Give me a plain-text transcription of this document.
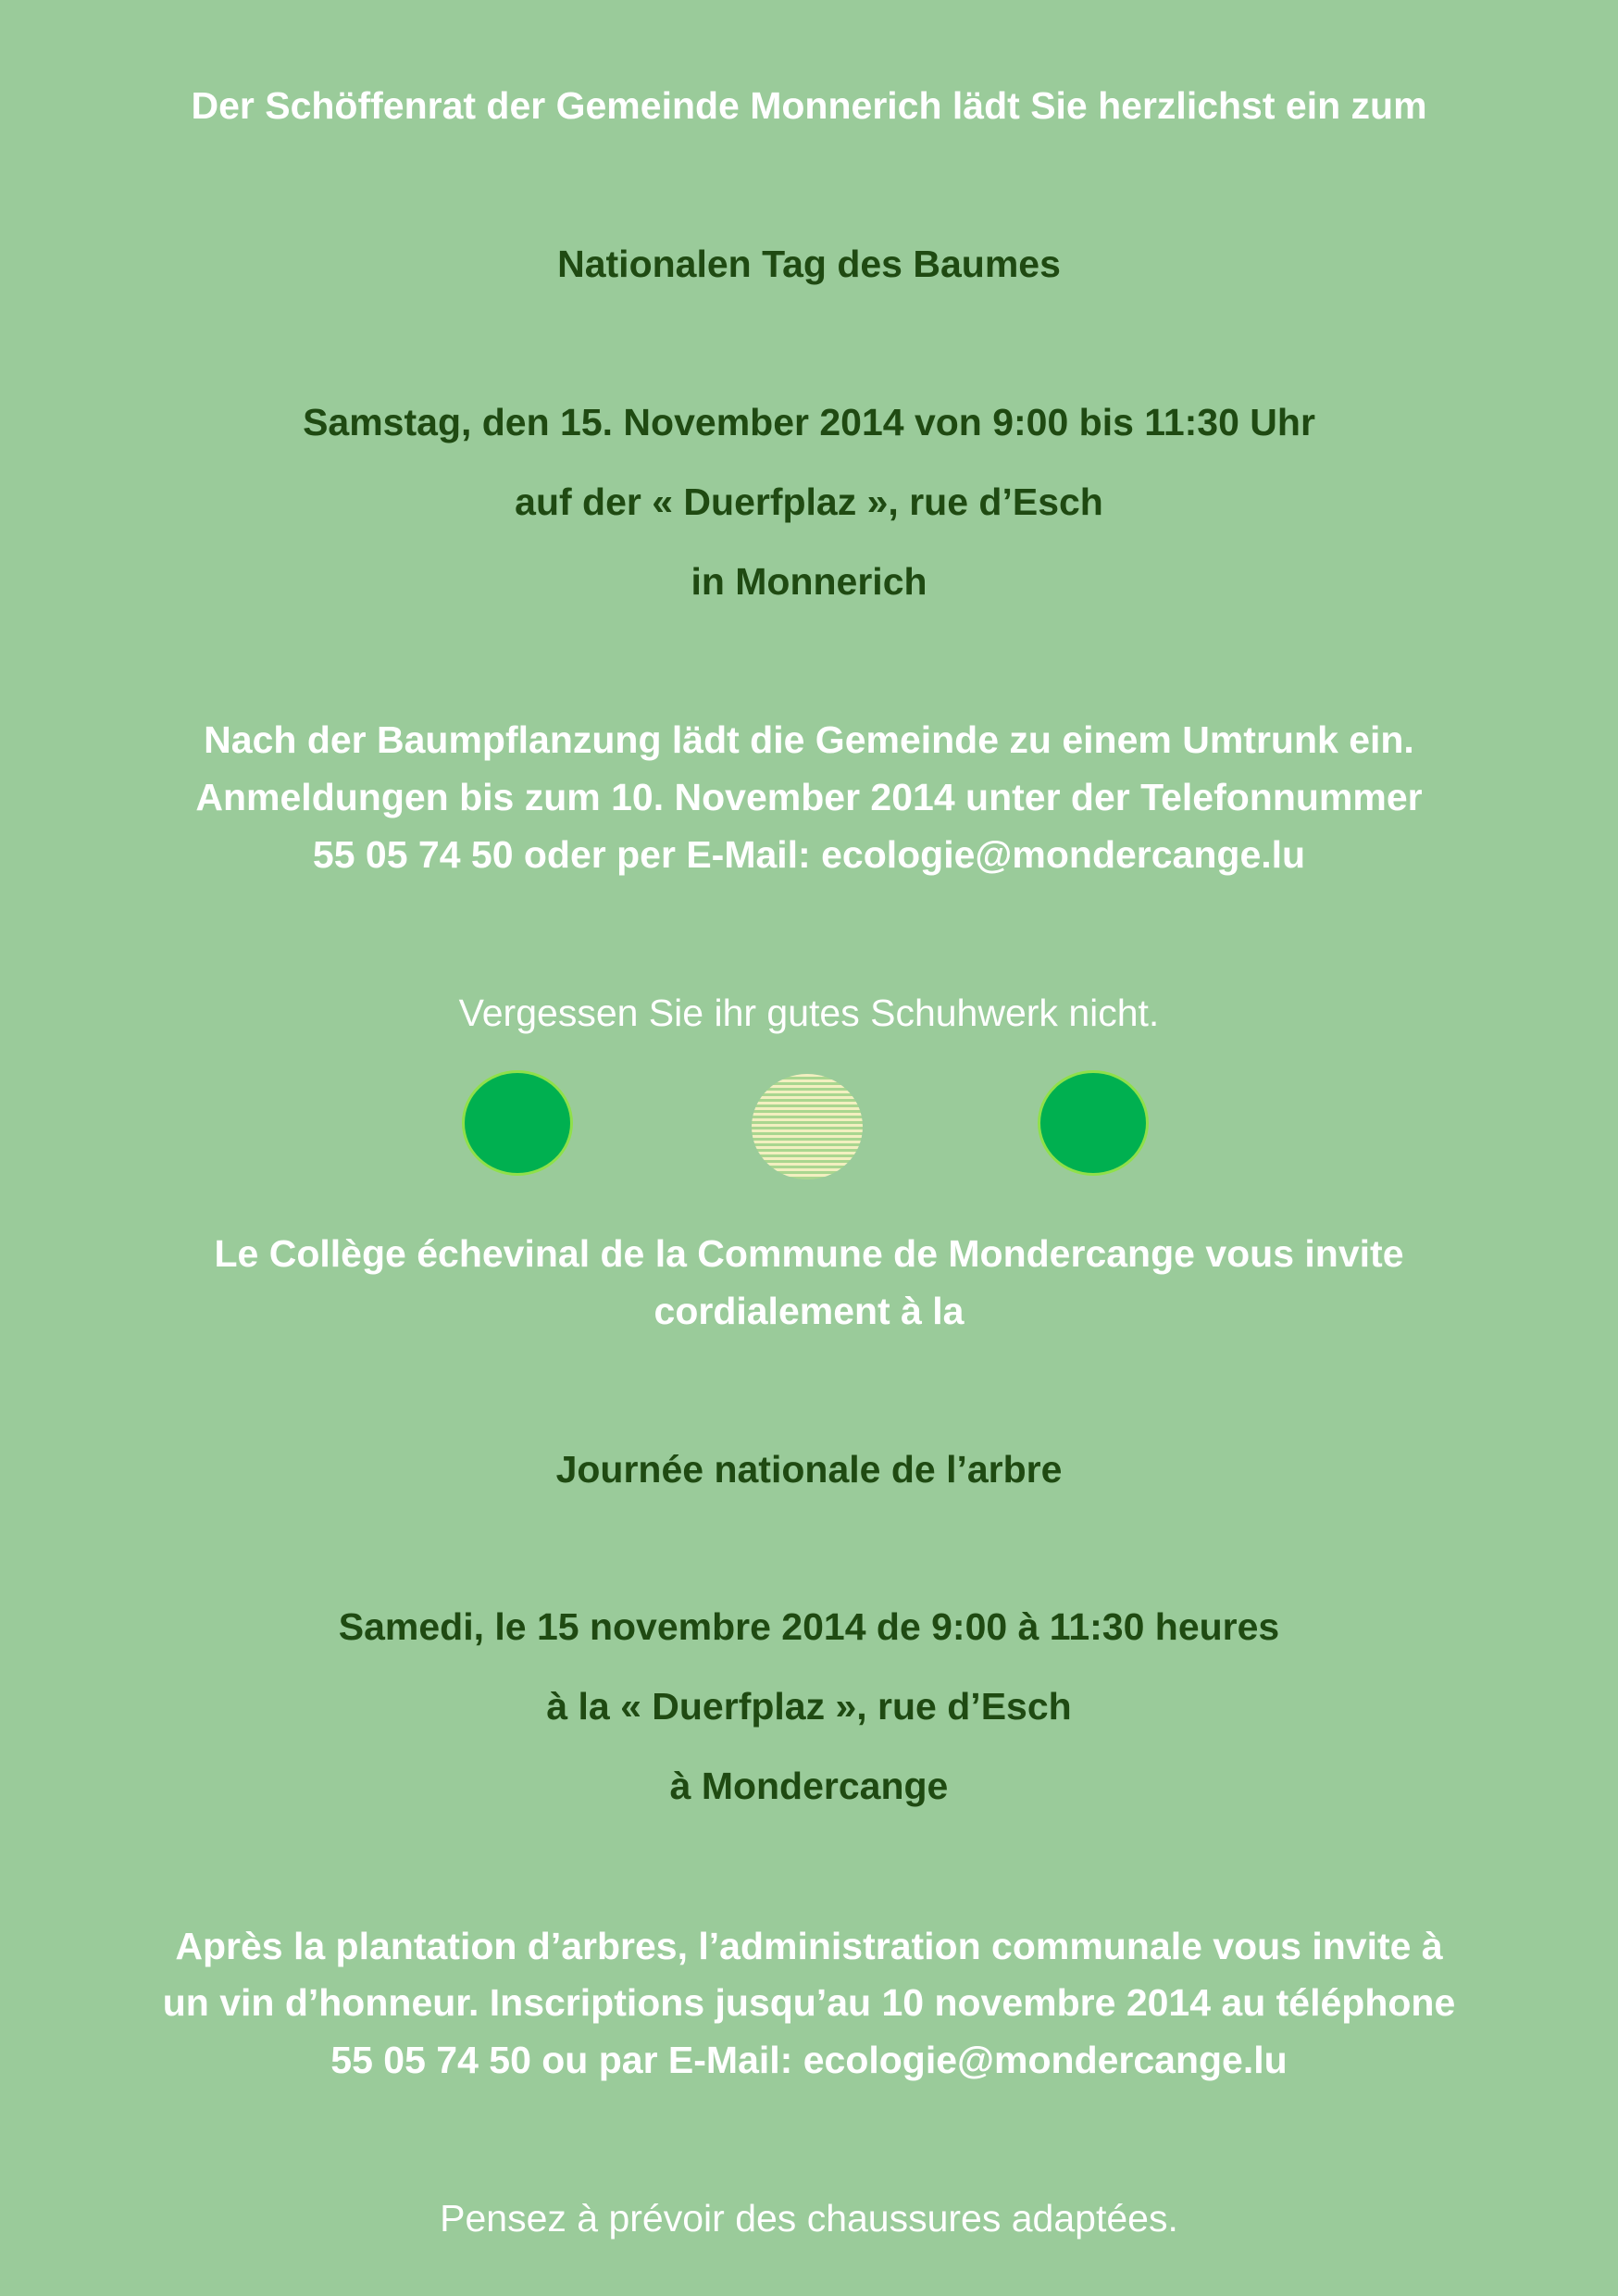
Der Schöffenrat der Gemeinde Monnerich lädt Sie herzlichst ein zum
Nationalen Tag des Baumes
Samstag, den 15. November 2014 von 9:00 bis 11:30 Uhr
auf der « Duerfplaz », rue d’Esch
in Monnerich
Nach der Baumpflanzung lädt die Gemeinde zu einem Umtrunk ein.
Anmeldungen bis zum 10. November 2014 unter der Telefonnummer
55 05 74 50 oder per E-Mail: ecologie@mondercange.lu
Vergessen Sie ihr gutes Schuhwerk nicht.
Le Collège échevinal de la Commune de Mondercange vous invite
cordialement à la
Journée nationale de l’arbre
Samedi, le 15 novembre 2014 de 9:00 à 11:30 heures
à la « Duerfplaz », rue d’Esch
à Mondercange
Après la plantation d’arbres, l’administration communale vous invite à
un vin d’honneur. Inscriptions jusqu’au 10 novembre 2014 au téléphone
55 05 74 50 ou par E-Mail: ecologie@mondercange.lu
Pensez à prévoir des chaussures adaptées.
